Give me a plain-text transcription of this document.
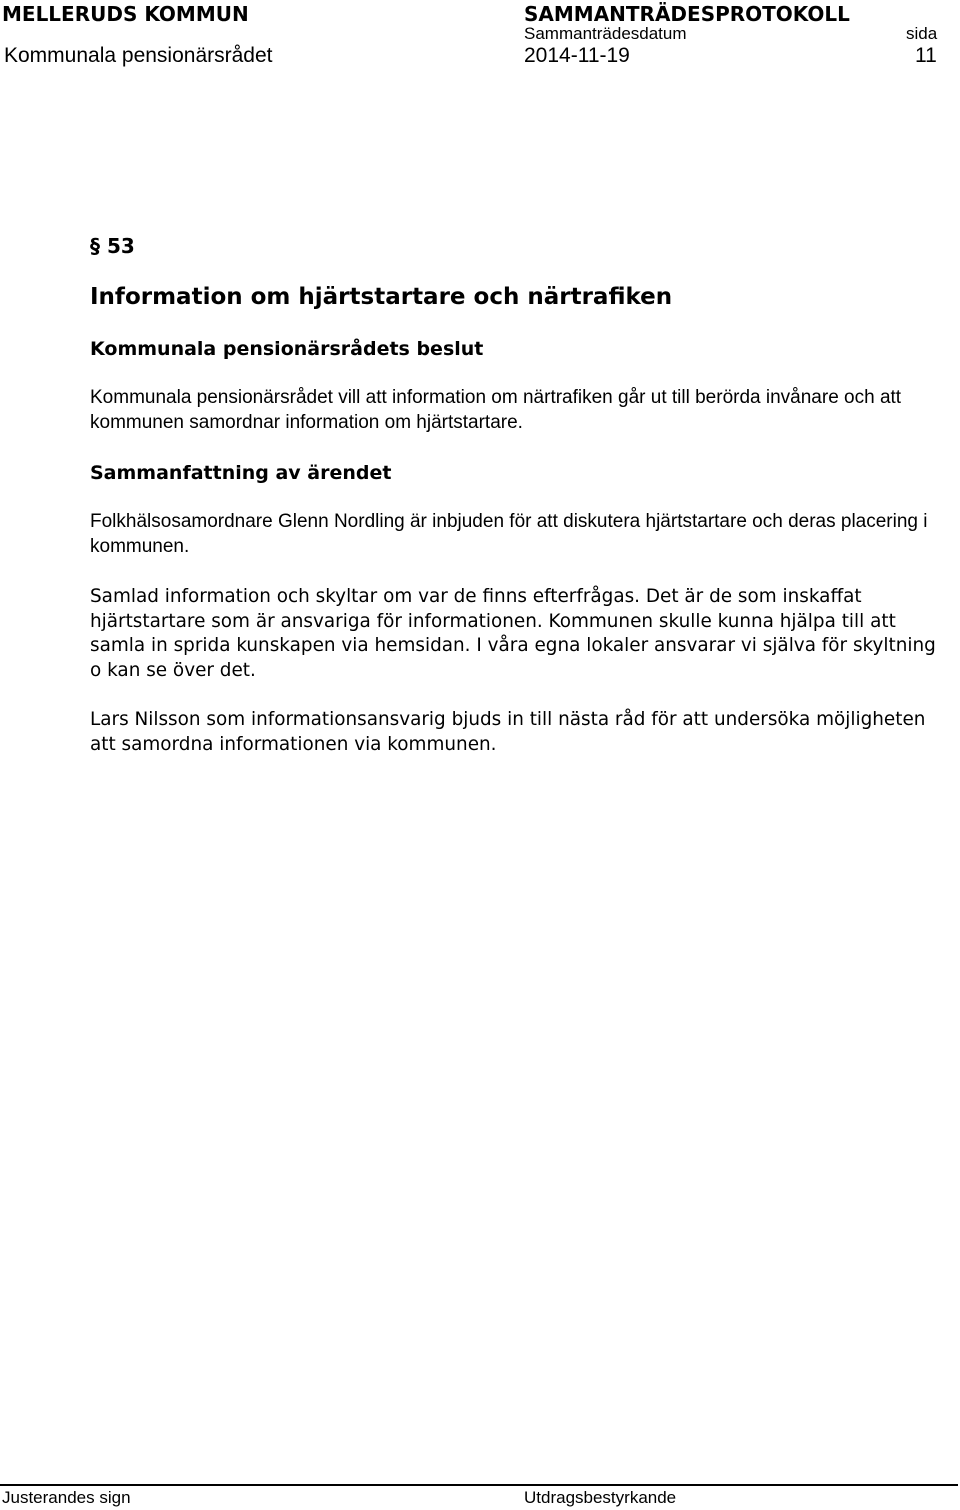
MELLERUDS KOMMUN	SAMMANTRÄDESPROTOKOLL
Sammanträdesdatum	sida
Kommunala pensionärsrådet	2014-11-19	11
§ 53
Information om hjärtstartare och närtrafiken
Kommunala pensionärsrådets beslut

Kommunala pensionärsrådet vill att information om närtrafiken går ut till berörda invånare och att kommunen samordnar information om hjärtstartare.

Sammanfattning av ärendet

Folkhälsosamordnare Glenn Nordling är inbjuden för att diskutera hjärtstartare och deras placering i kommunen.

Samlad information och skyltar om var de finns efterfrågas. Det är de som inskaffat hjärtstartare som är ansvariga för informationen. Kommunen skulle kunna hjälpa till att samla in sprida kunskapen via hemsidan. I våra egna lokaler ansvarar vi själva för skyltning o kan se över det.

Lars Nilsson som informationsansvarig bjuds in till nästa råd för att undersöka möjligheten att samordna informationen via kommunen.

Justerandes sign	Utdragsbestyrkande
